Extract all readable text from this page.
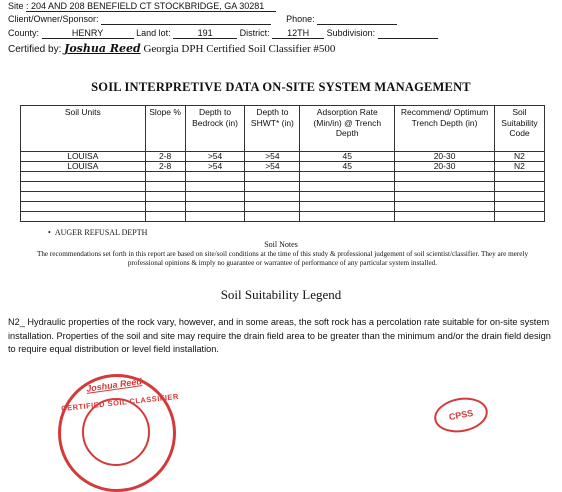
Site : 204 AND 208 BENEFIELD CT STOCKBRIDGE, GA 30281
Client/Owner/Sponsor:	Phone:
County:	HENRY	Land lot:	191	District: 12TH Subdivision:
Certified by: Joshua Reed Georgia DPH Certified Soil Classifier #500
SOIL INTERPRETIVE DATA ON-SITE SYSTEM MANAGEMENT
Soil Units	Slope %	Depth to Bedrock (in)	Depth to SHWT* (in)	Adsorption Rate (Min/in) @ Trench Depth	Recommend/ Optimum Trench Depth (in)	Soil Suitability Code
LOUISA	2-8	>54	>54	45	20-30	N2
LOUISA	2-8	>54	>54	45	20-30	N2

•  AUGER REFUSAL DEPTH
Soil Notes
The recommendations set forth in this report are based on site/soil conditions at the time of this study & professional judgement of soil scientist/classifier. They are merely professional opinions & imply no guarantee or warrantee of performance of any particular system installed.
Soil Suitability Legend
N2_ Hydraulic properties of the rock vary, however, and in some areas, the soft rock has a percolation rate suitable for on-site system installation. Properties of the soil and site may require the drain field area to be greater than the minimum and/or the drain field design to require equal distribution or level field installation.
Joshua Reed
CERTIFIED SOIL CLASSIFIER
CPSS
